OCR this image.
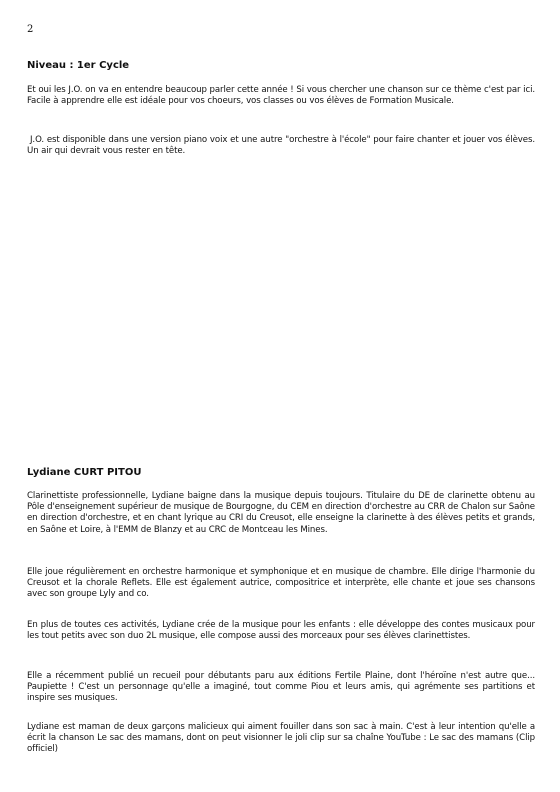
2
Niveau : 1er Cycle
Et oui les J.O. on va en entendre beaucoup parler cette année ! Si vous chercher une chanson sur ce thème c'est par ici. Facile à apprendre elle est idéale pour vos choeurs, vos classes ou vos élèves de Formation Musicale.
J.O. est disponible dans une version piano voix et une autre "orchestre à l'école" pour faire chanter et jouer vos élèves. Un air qui devrait vous rester en tête.
Lydiane CURT PITOU
Clarinettiste professionnelle, Lydiane baigne dans la musique depuis toujours. Titulaire du DE de clarinette obtenu au Pôle d'enseignement supérieur de musique de Bourgogne, du CEM en direction d'orchestre au CRR de Chalon sur Saône en direction d'orchestre, et en chant lyrique au CRI du Creusot, elle enseigne la clarinette à des élèves petits et grands, en Saône et Loire, à l'EMM de Blanzy et au CRC de Montceau les Mines.
Elle joue régulièrement en orchestre harmonique et symphonique et en musique de chambre. Elle dirige l'harmonie du Creusot et la chorale Reflets. Elle est également autrice, compositrice et interprète, elle chante et joue ses chansons avec son groupe Lyly and co.
En plus de toutes ces activités, Lydiane crée de la musique pour les enfants : elle développe des contes musicaux pour les tout petits avec son duo 2L musique, elle compose aussi des morceaux pour ses élèves clarinettistes.
Elle a récemment publié un recueil pour débutants paru aux éditions Fertile Plaine, dont l'héroïne n'est autre que... Paupiette ! C'est un personnage qu'elle a imaginé, tout comme Piou et leurs amis, qui agrémente ses partitions et inspire ses musiques.
Lydiane est maman de deux garçons malicieux qui aiment fouiller dans son sac à main. C'est à leur intention qu'elle a écrit la chanson Le sac des mamans, dont on peut visionner le joli clip sur sa chaîne YouTube : Le sac des mamans (Clip officiel)
